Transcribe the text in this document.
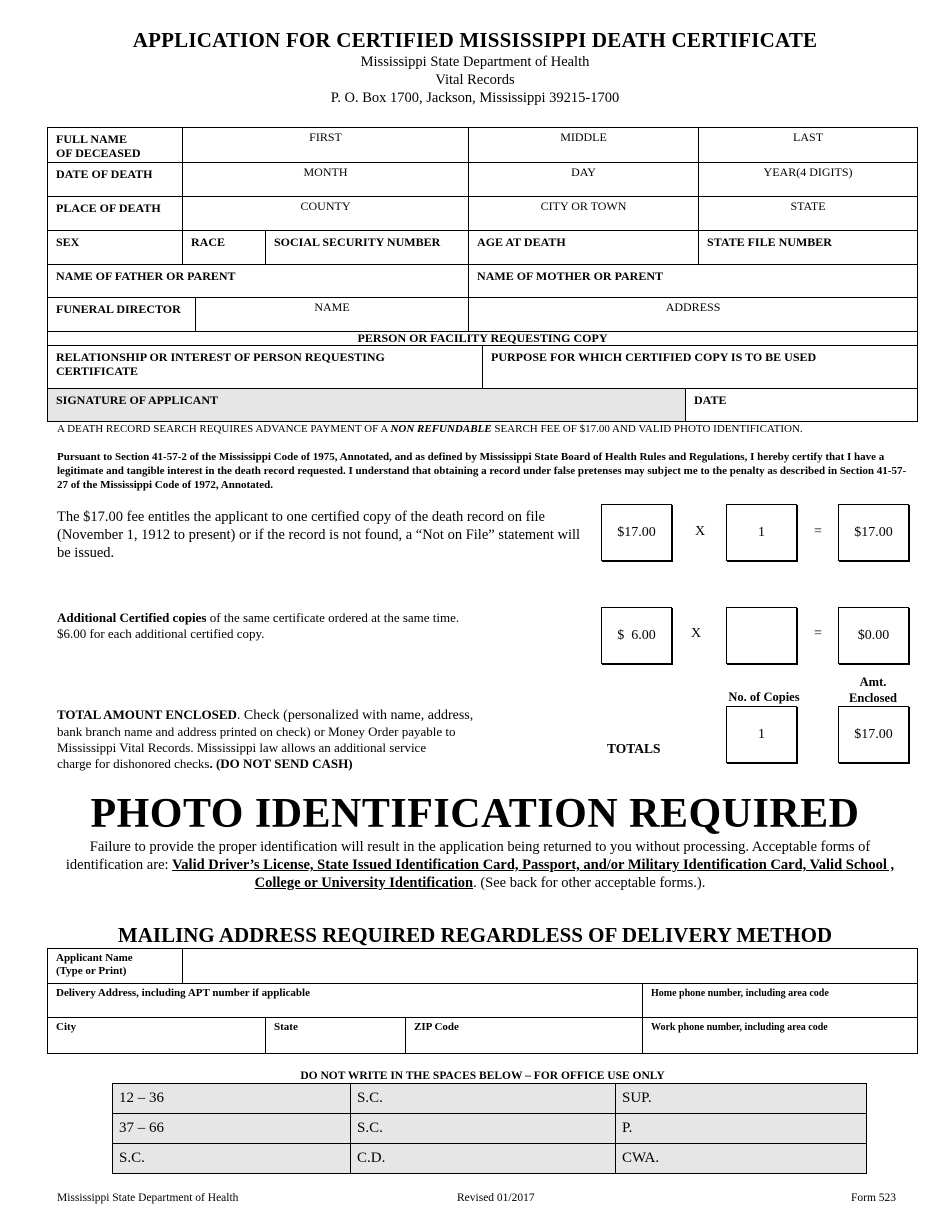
APPLICATION FOR CERTIFIED MISSISSIPPI DEATH CERTIFICATE
Mississippi State Department of Health
Vital Records
P. O. Box 1700, Jackson, Mississippi 39215-1700
FULL NAME
OF DECEASED	FIRST			MIDDLE	LAST
DATE OF DEATH	MONTH			DAY	YEAR(4 DIGITS)
PLACE OF DEATH	COUNTY			CITY OR TOWN	STATE
SEX	RACE		SOCIAL SECURITY NUMBER	AGE AT DEATH	STATE FILE NUMBER
NAME OF FATHER OR PARENT				NAME OF MOTHER OR PARENT	
FUNERAL DIRECTOR		NAME		ADDRESS	
PERSON OR FACILITY REQUESTING COPY		
RELATIONSHIP OR INTEREST OF PERSON REQUESTING CERTIFICATE	PURPOSE FOR WHICH CERTIFIED COPY IS TO BE USED	
SIGNATURE OF APPLICANT		DATE
A DEATH RECORD SEARCH REQUIRES ADVANCE PAYMENT OF A NON REFUNDABLE SEARCH FEE OF $17.00 AND VALID PHOTO IDENTIFICATION.
Pursuant to Section 41-57-2 of the Mississippi Code of 1975, Annotated, and as defined by Mississippi State Board of Health Rules and Regulations, I hereby certify that I have a legitimate and tangible interest in the death record requested. I understand that obtaining a record under false pretenses may subject me to the penalty as described in Section 41-57-27 of the Mississippi Code of 1972, Annotated.
The $17.00 fee entitles the applicant to one certified copy of the death record on file (November 1, 1912 to present) or if the record is not found, a “Not on File” statement will be issued.
$17.00	X	1	= $17.00
Additional Certified copies of the same certificate ordered at the same time.
$6.00 for each additional certified copy.	$  6.00	X	=	$0.00
No. of Copies
Amt.
Enclosed
TOTAL AMOUNT ENCLOSED. Check (personalized with name, address,
bank branch name and address printed on check) or Money Order payable to
Mississippi Vital Records. Mississippi law allows an additional service
charge for dishonored checks. (DO NOT SEND CASH)
TOTALS
1	$17.00
PHOTO IDENTIFICATION REQUIRED
Failure to provide the proper identification will result in the application being returned to you without processing. Acceptable forms of identification are: Valid Driver’s License, State Issued Identification Card, Passport, and/or Military Identification Card, Valid School , College or University Identification. (See back for other acceptable forms.).
MAILING ADDRESS REQUIRED REGARDLESS OF DELIVERY METHOD
Applicant Name
(Type or Print)				
Delivery Address, including APT number if applicable				Home phone number, including area code
City		State	ZIP Code	Work phone number, including area code
DO NOT WRITE IN THE SPACES BELOW – FOR OFFICE USE ONLY
12 – 36	S.C.	SUP.
37 – 66	S.C.	P.
S.C.	C.D.	CWA.
Mississippi State Department of Health	Revised 01/2017	Form 523
